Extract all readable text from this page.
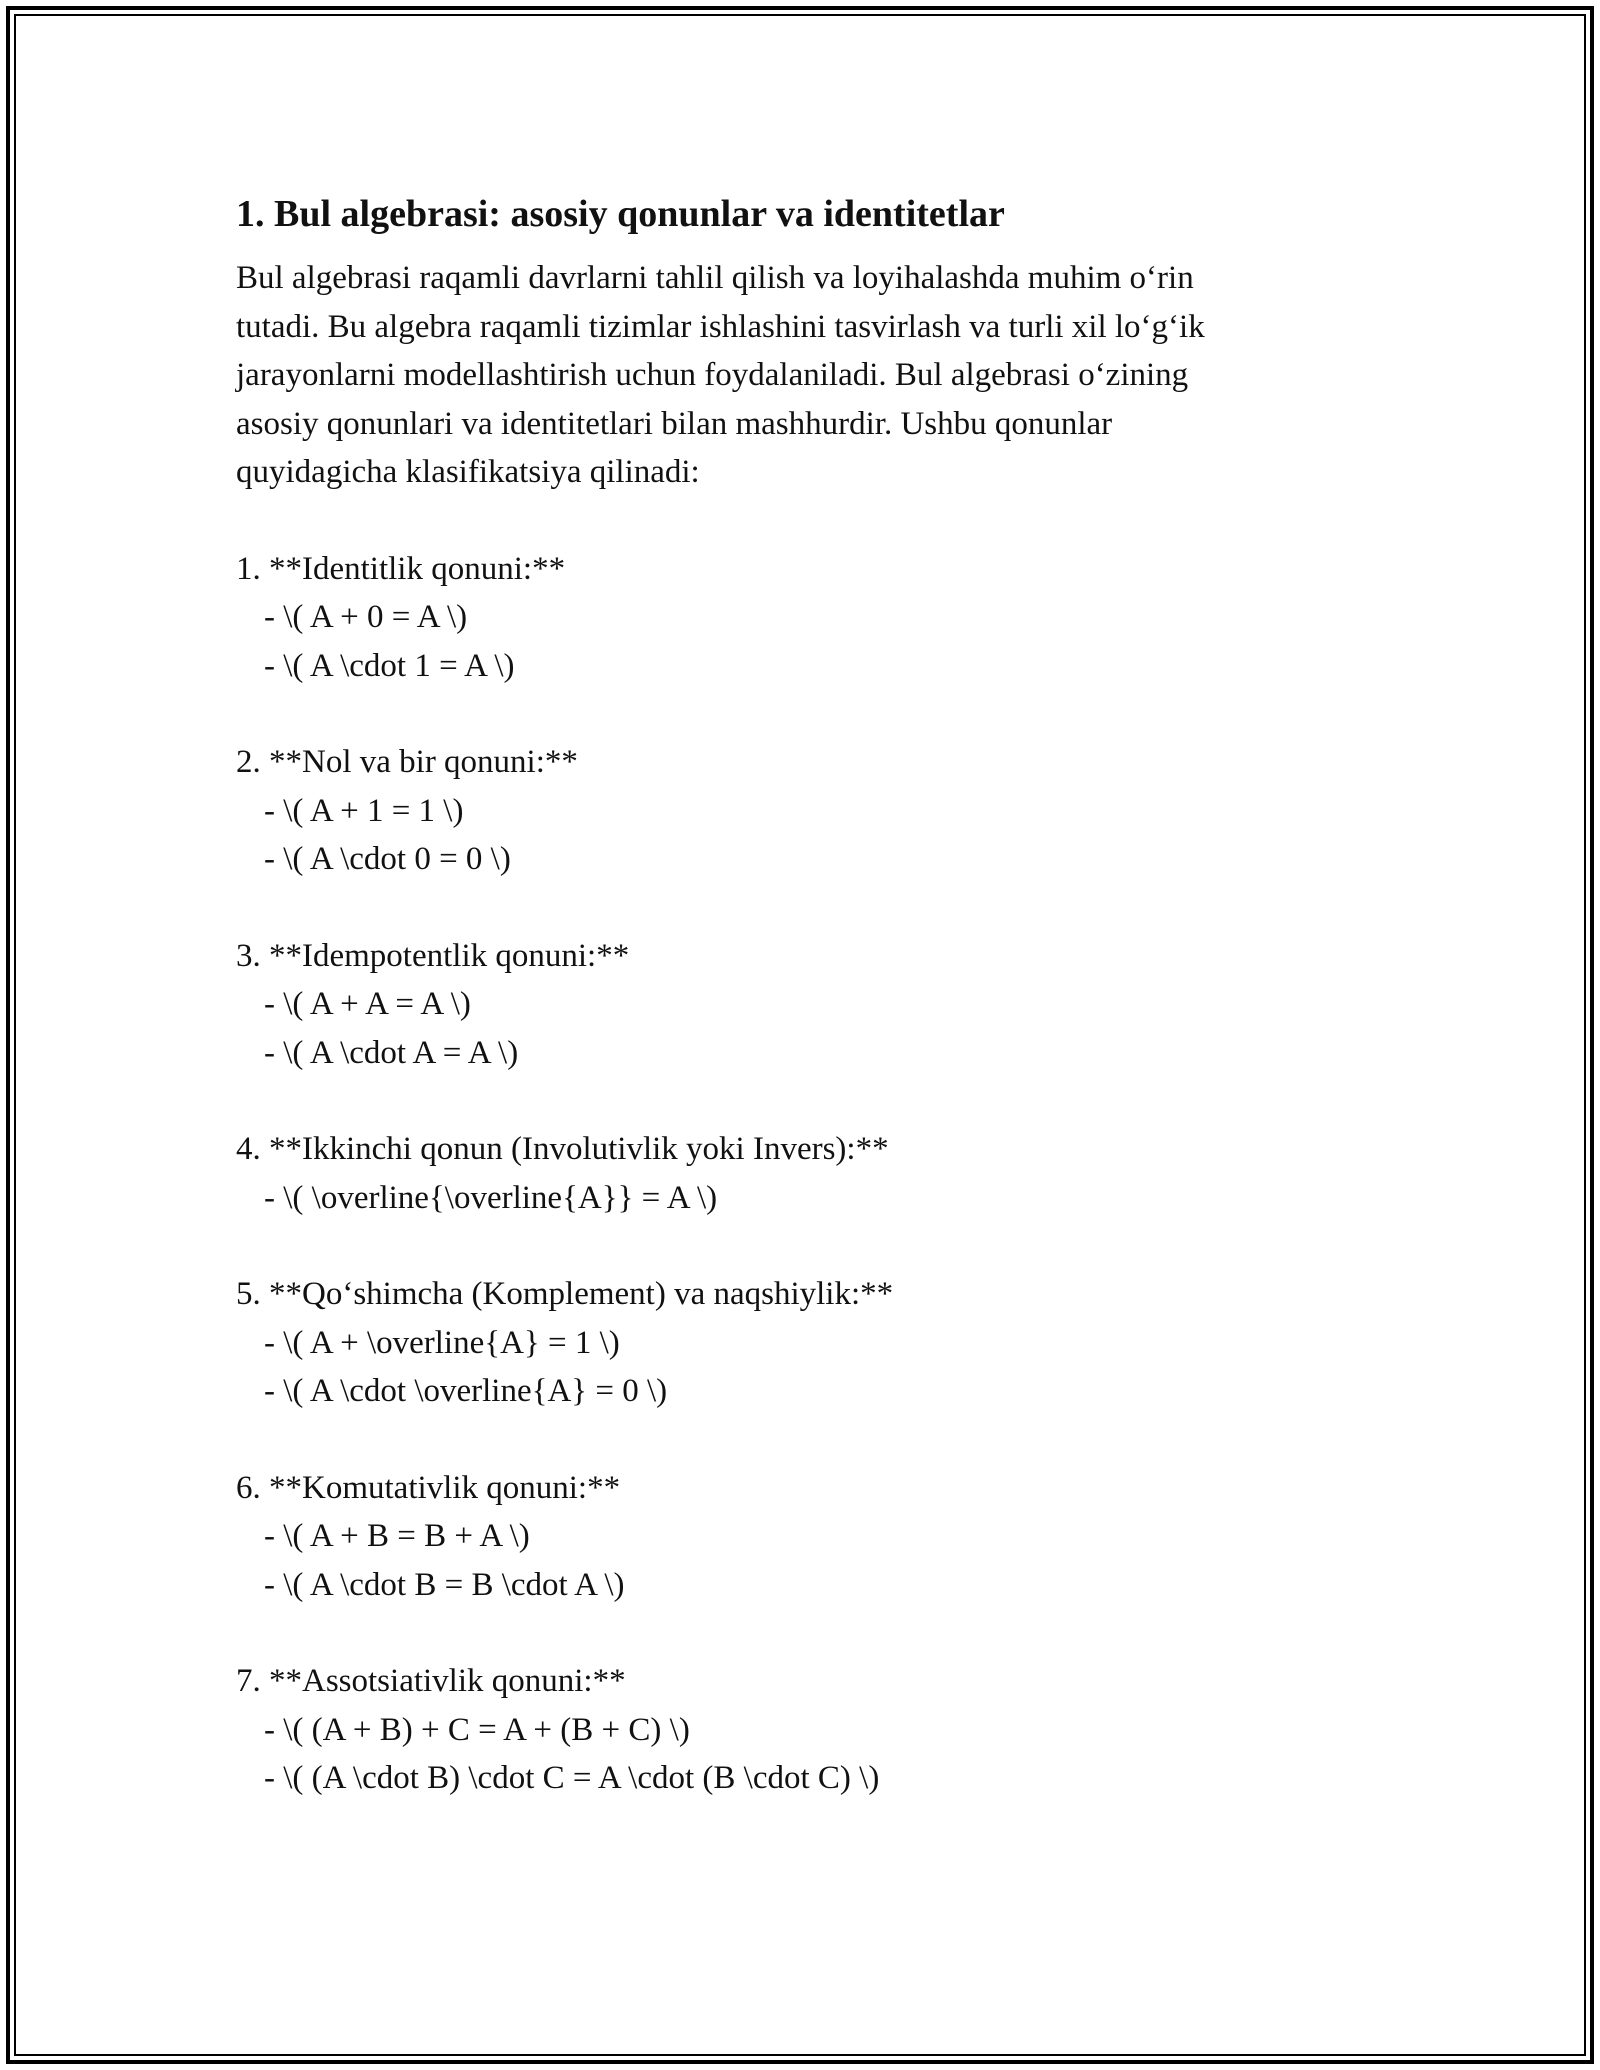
1. Bul algebrasi: asosiy qonunlar va identitetlar

Bul algebrasi raqamli davrlarni tahlil qilish va loyihalashda muhim o‘rin
tutadi. Bu algebra raqamli tizimlar ishlashini tasvirlash va turli xil lo‘g‘ik
jarayonlarni modellashtirish uchun foydalaniladi. Bul algebrasi o‘zining
asosiy qonunlari va identitetlari bilan mashhurdir. Ushbu qonunlar
quyidagicha klasifikatsiya qilinadi:

1. **Identitlik qonuni:**
- \( A + 0 = A \)
- \( A \cdot 1 = A \)
2. **Nol va bir qonuni:**
- \( A + 1 = 1 \)
- \( A \cdot 0 = 0 \)
3. **Idempotentlik qonuni:**
- \( A + A = A \)
- \( A \cdot A = A \)
4. **Ikkinchi qonun (Involutivlik yoki Invers):**
- \( \overline{\overline{A}} = A \)
5. **Qo‘shimcha (Komplement) va naqshiylik:**
- \( A + \overline{A} = 1 \)
- \( A \cdot \overline{A} = 0 \)
6. **Komutativlik qonuni:**
- \( A + B = B + A \)
- \( A \cdot B = B \cdot A \)
7. **Assotsiativlik qonuni:**
- \( (A + B) + C = A + (B + C) \)
- \( (A \cdot B) \cdot C = A \cdot (B \cdot C) \)
